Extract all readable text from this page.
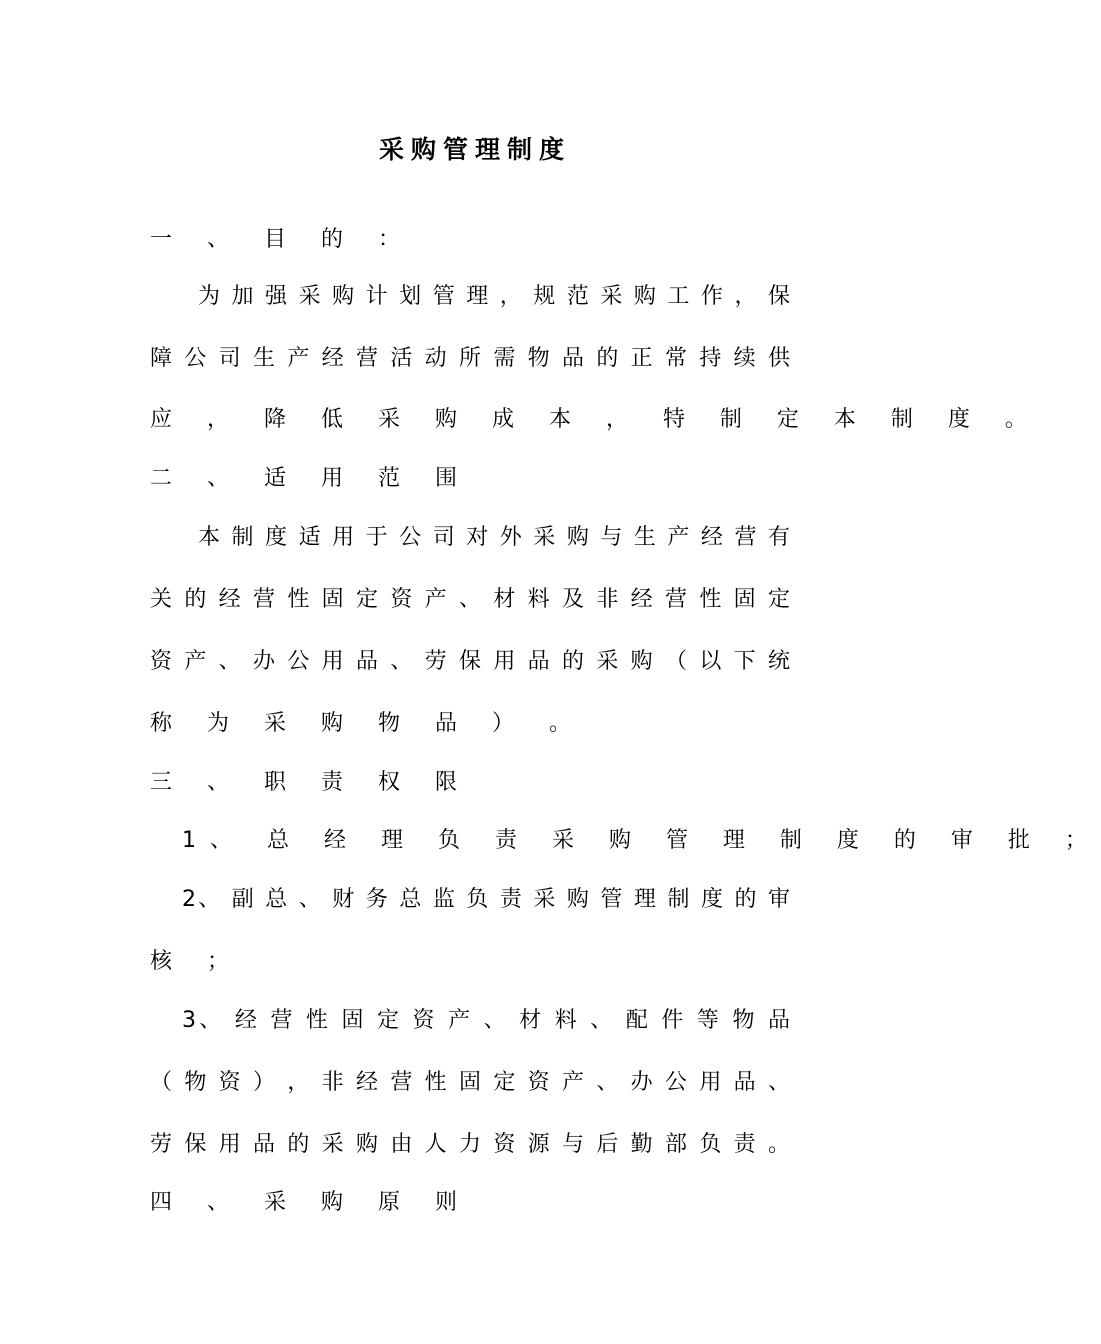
采购管理制度
一 、 目 的 ：
为 加 强 采 购 计 划 管 理 ， 规 范 采 购 工 作 ， 保
障 公 司 生 产 经 营 活 动 所 需 物 品 的 正 常 持 续 供
应 ， 降 低 采 购 成 本 ， 特 制 定 本 制 度 。
二 、 适 用 范 围
本 制 度 适 用 于 公 司 对 外 采 购 与 生 产 经 营 有
关 的 经 营 性 固 定 资 产 、 材 料 及 非 经 营 性 固 定
资 产 、 办 公 用 品 、 劳 保 用 品 的 采 购 （ 以 下 统
称 为 采 购 物 品 ） 。
三 、 职 责 权 限
1、 总 经 理 负 责 采 购 管 理 制 度 的 审 批 ；
2、 副 总 、 财 务 总 监 负 责 采 购 管 理 制 度 的 审
核 ；
3、 经 营 性 固 定 资 产 、 材 料 、 配 件 等 物 品
（ 物 资 ） ， 非 经 营 性 固 定 资 产 、 办 公 用 品 、
劳 保 用 品 的 采 购 由 人 力 资 源 与 后 勤 部 负 责 。
四 、 采 购 原 则
